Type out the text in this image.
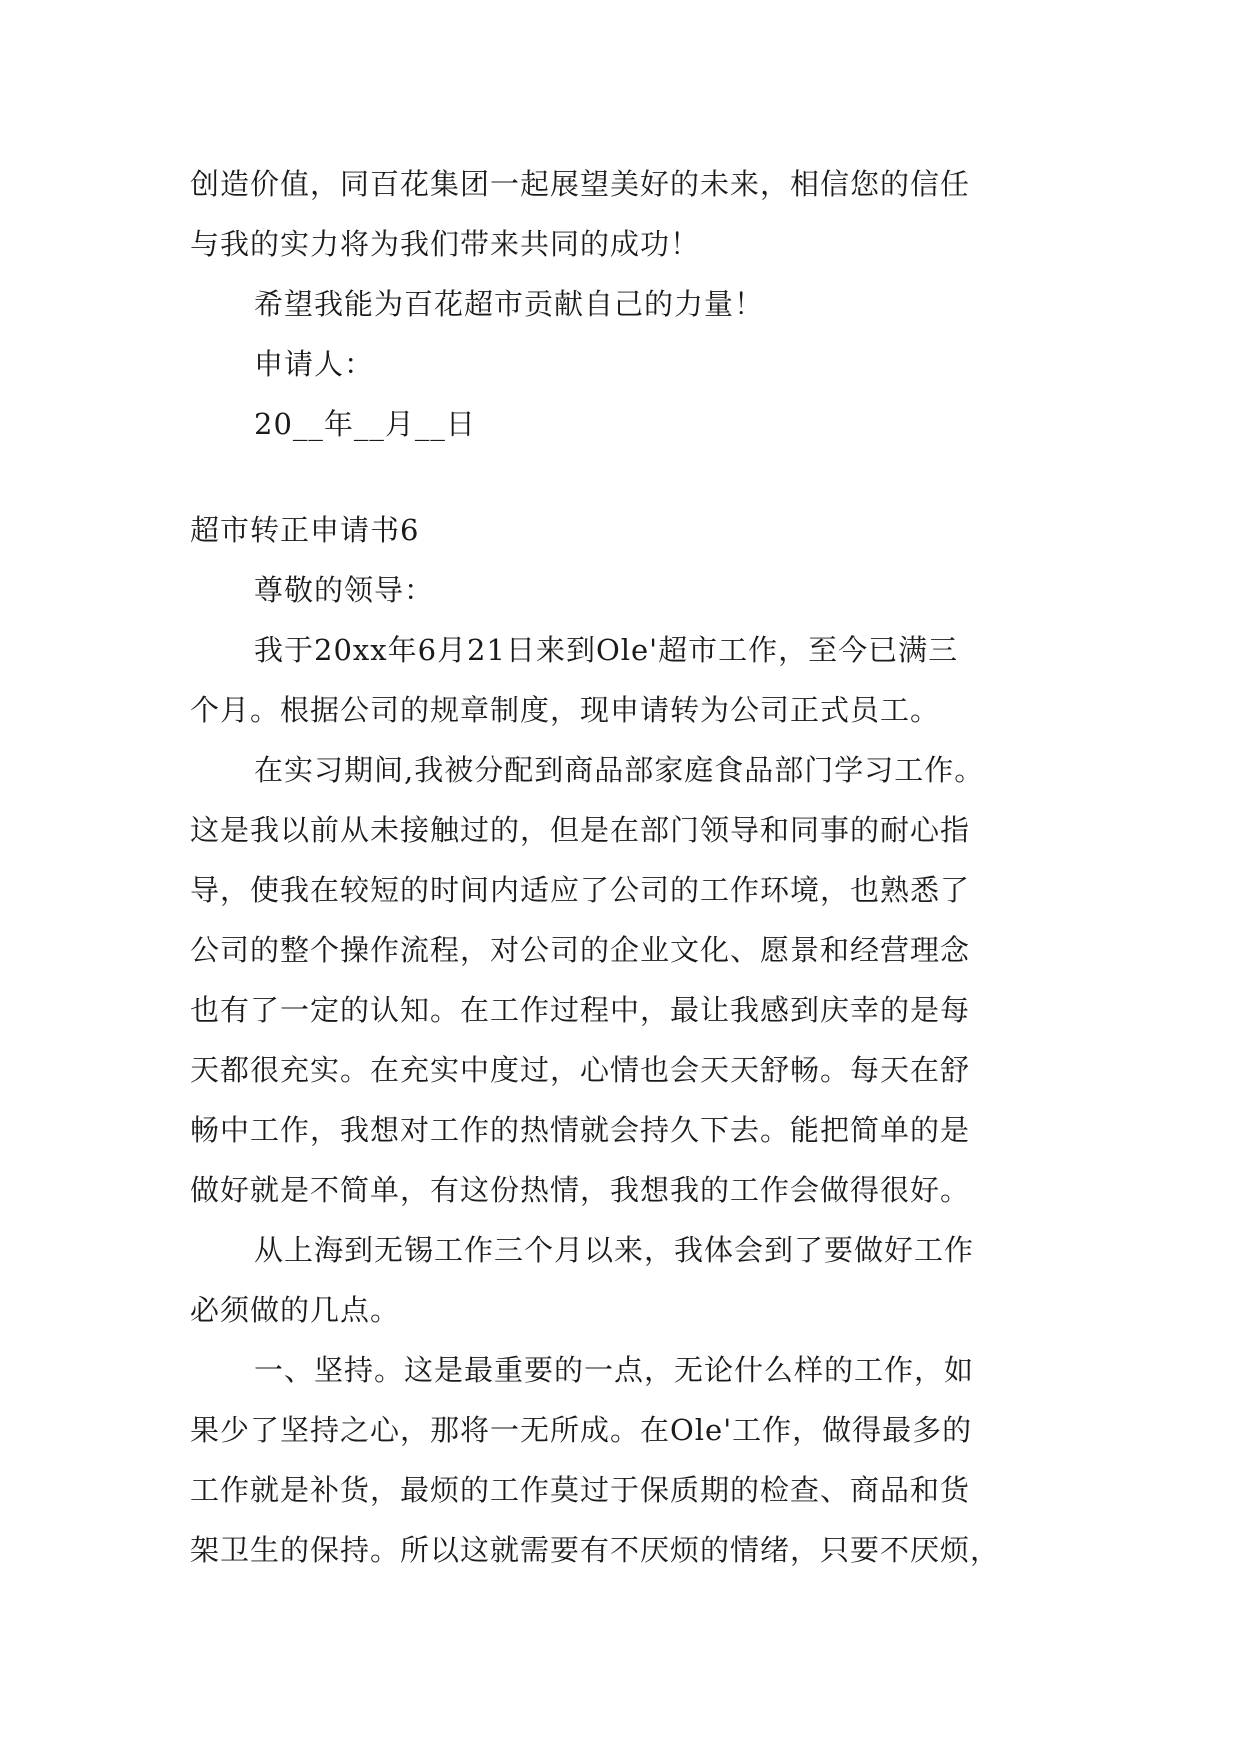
创造价值，同百花集团一起展望美好的未来，相信您的信任
与我的实力将为我们带来共同的成功！
希望我能为百花超市贡献自己的力量！
申请人：
20__年__月__日
超市转正申请书6
尊敬的领导：
我于20xx年6月21日来到Ole'超市工作，至今已满三
个月。根据公司的规章制度，现申请转为公司正式员工。
在实习期间,我被分配到商品部家庭食品部门学习工作。
这是我以前从未接触过的，但是在部门领导和同事的耐心指
导，使我在较短的时间内适应了公司的工作环境，也熟悉了
公司的整个操作流程，对公司的企业文化、愿景和经营理念
也有了一定的认知。在工作过程中，最让我感到庆幸的是每
天都很充实。在充实中度过，心情也会天天舒畅。每天在舒
畅中工作，我想对工作的热情就会持久下去。能把简单的是
做好就是不简单，有这份热情，我想我的工作会做得很好。
从上海到无锡工作三个月以来，我体会到了要做好工作
必须做的几点。
一、坚持。这是最重要的一点，无论什么样的工作，如
果少了坚持之心，那将一无所成。在Ole'工作，做得最多的
工作就是补货，最烦的工作莫过于保质期的检查、商品和货
架卫生的保持。所以这就需要有不厌烦的情绪，只要不厌烦，
